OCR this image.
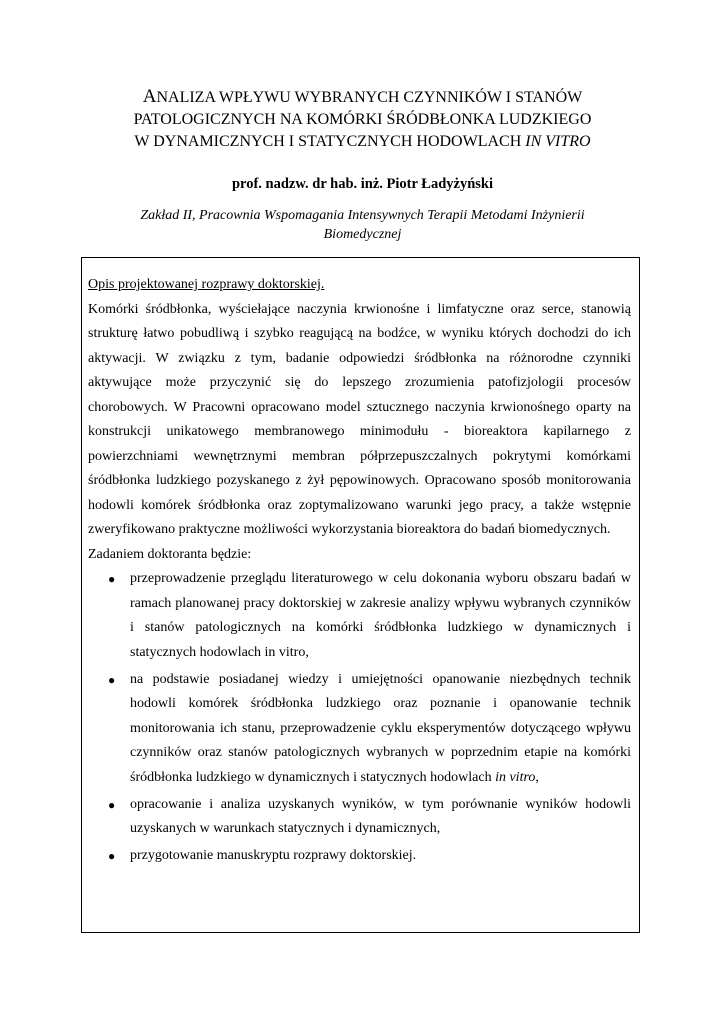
ANALIZA WPŁYWU WYBRANYCH CZYNNIKÓW I STANÓW
PATOLOGICZNYCH NA KOMÓRKI ŚRÓDBŁONKA LUDZKIEGO
W DYNAMICZNYCH I STATYCZNYCH HODOWLACH IN VITRO
prof. nadzw. dr hab. inż. Piotr Ładyżyński
Zakład II, Pracownia Wspomagania Intensywnych Terapii Metodami Inżynierii Biomedycznej
Opis projektowanej rozprawy doktorskiej.

Komórki śródbłonka, wyściełające naczynia krwionośne i limfatyczne oraz serce, stanowią strukturę łatwo pobudliwą i szybko reagującą na bodźce, w wyniku których dochodzi do ich aktywacji. W związku z tym, badanie odpowiedzi śródbłonka na różnorodne czynniki aktywujące może przyczynić się do lepszego zrozumienia patofizjologii procesów chorobowych. W Pracowni opracowano model sztucznego naczynia krwionośnego oparty na konstrukcji unikatowego membranowego minimodułu - bioreaktora kapilarnego z powierzchniami wewnętrznymi membran półprzepuszczalnych pokrytymi komórkami śródbłonka ludzkiego pozyskanego z żył pępowinowych. Opracowano sposób monitorowania hodowli komórek śródbłonka oraz zoptymalizowano warunki jego pracy, a także wstępnie zweryfikowano praktyczne możliwości wykorzystania bioreaktora do badań biomedycznych.

Zadaniem doktoranta będzie:

● przeprowadzenie przeglądu literaturowego w celu dokonania wyboru obszaru badań w ramach planowanej pracy doktorskiej w zakresie analizy wpływu wybranych czynników i stanów patologicznych na komórki śródbłonka ludzkiego w dynamicznych i statycznych hodowlach in vitro,
● na podstawie posiadanej wiedzy i umiejętności opanowanie niezbędnych technik hodowli komórek śródbłonka ludzkiego oraz poznanie i opanowanie technik monitorowania ich stanu, przeprowadzenie cyklu eksperymentów dotyczącego wpływu czynników oraz stanów patologicznych wybranych w poprzednim etapie na komórki śródbłonka ludzkiego w dynamicznych i statycznych hodowlach in vitro,
● opracowanie i analiza uzyskanych wyników, w tym porównanie wyników hodowli uzyskanych w warunkach statycznych i dynamicznych,
● przygotowanie manuskryptu rozprawy doktorskiej.
